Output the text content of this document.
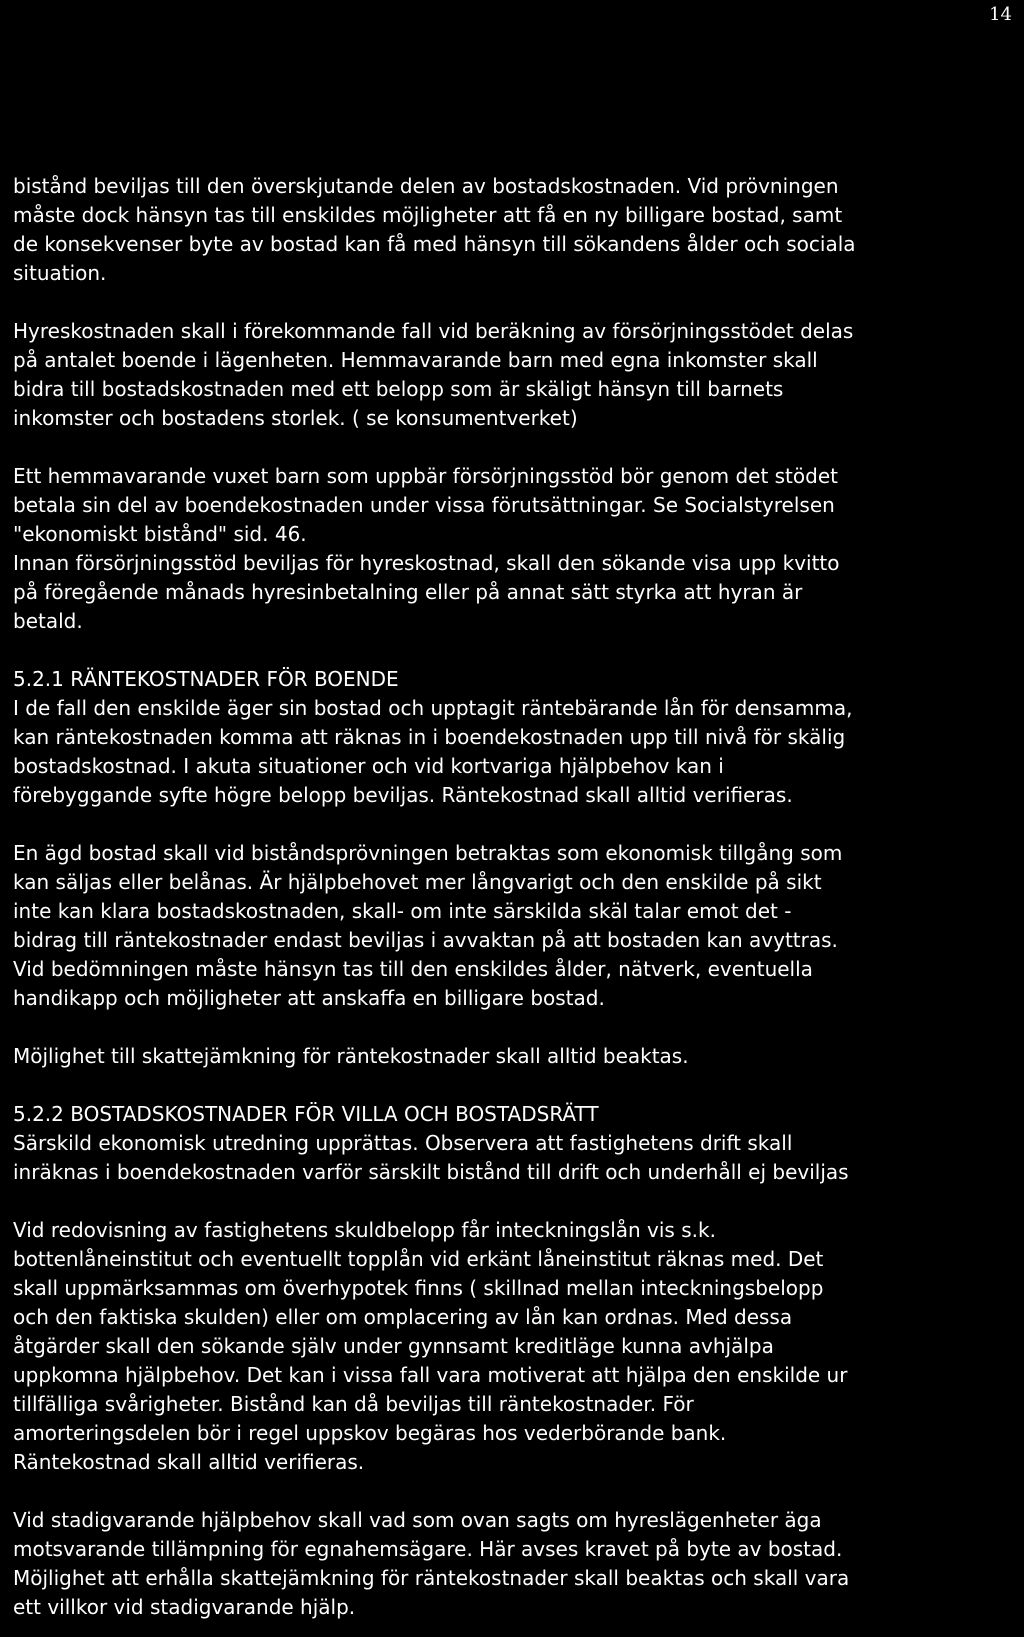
14
bistånd beviljas till den överskjutande delen av bostadskostnaden. Vid prövningen
måste dock hänsyn tas till enskildes möjligheter att få en ny billigare bostad, samt
de konsekvenser byte av bostad kan få med hänsyn till sökandens ålder och sociala
situation.
Hyreskostnaden skall i förekommande fall vid beräkning av försörjningsstödet delas
på antalet boende i lägenheten. Hemmavarande barn med egna inkomster skall
bidra till bostadskostnaden med ett belopp som är skäligt hänsyn till barnets
inkomster och bostadens storlek. ( se konsumentverket)
Ett hemmavarande vuxet barn som uppbär försörjningsstöd bör genom det stödet
betala sin del av boendekostnaden under vissa förutsättningar. Se Socialstyrelsen
"ekonomiskt bistånd" sid. 46.
Innan försörjningsstöd beviljas för hyreskostnad, skall den sökande visa upp kvitto
på föregående månads hyresinbetalning eller på annat sätt styrka att hyran är
betald.
5.2.1 RÄNTEKOSTNADER FÖR BOENDE
I de fall den enskilde äger sin bostad och upptagit räntebärande lån för densamma,
kan räntekostnaden komma att räknas in i boendekostnaden upp till nivå för skälig
bostadskostnad. I akuta situationer och vid kortvariga hjälpbehov kan i
förebyggande syfte högre belopp beviljas. Räntekostnad skall alltid verifieras.
En ägd bostad skall vid biståndsprövningen betraktas som ekonomisk tillgång som
kan säljas eller belånas. Är hjälpbehovet mer långvarigt och den enskilde på sikt
inte kan klara bostadskostnaden, skall- om inte särskilda skäl talar emot det -
bidrag till räntekostnader endast beviljas i avvaktan på att bostaden kan avyttras.
Vid bedömningen måste hänsyn tas till den enskildes ålder, nätverk, eventuella
handikapp och möjligheter att anskaffa en billigare bostad.
Möjlighet till skattejämkning för räntekostnader skall alltid beaktas.
5.2.2 BOSTADSKOSTNADER FÖR VILLA OCH BOSTADSRÄTT
Särskild ekonomisk utredning upprättas. Observera att fastighetens drift skall
inräknas i boendekostnaden varför särskilt bistånd till drift och underhåll ej beviljas
Vid redovisning av fastighetens skuldbelopp får inteckningslån vis s.k.
bottenlåneinstitut och eventuellt topplån vid erkänt låneinstitut räknas med. Det
skall uppmärksammas om överhypotek finns ( skillnad mellan inteckningsbelopp
och den faktiska skulden) eller om omplacering av lån kan ordnas. Med dessa
åtgärder skall den sökande själv under gynnsamt kreditläge kunna avhjälpa
uppkomna hjälpbehov. Det kan i vissa fall vara motiverat att hjälpa den enskilde ur
tillfälliga svårigheter. Bistånd kan då beviljas till räntekostnader. För
amorteringsdelen bör i regel uppskov begäras hos vederbörande bank.
Räntekostnad skall alltid verifieras.
Vid stadigvarande hjälpbehov skall vad som ovan sagts om hyreslägenheter äga
motsvarande tillämpning för egnahemsägare. Här avses kravet på byte av bostad.
Möjlighet att erhålla skattejämkning för räntekostnader skall beaktas och skall vara
ett villkor vid stadigvarande hjälp.
